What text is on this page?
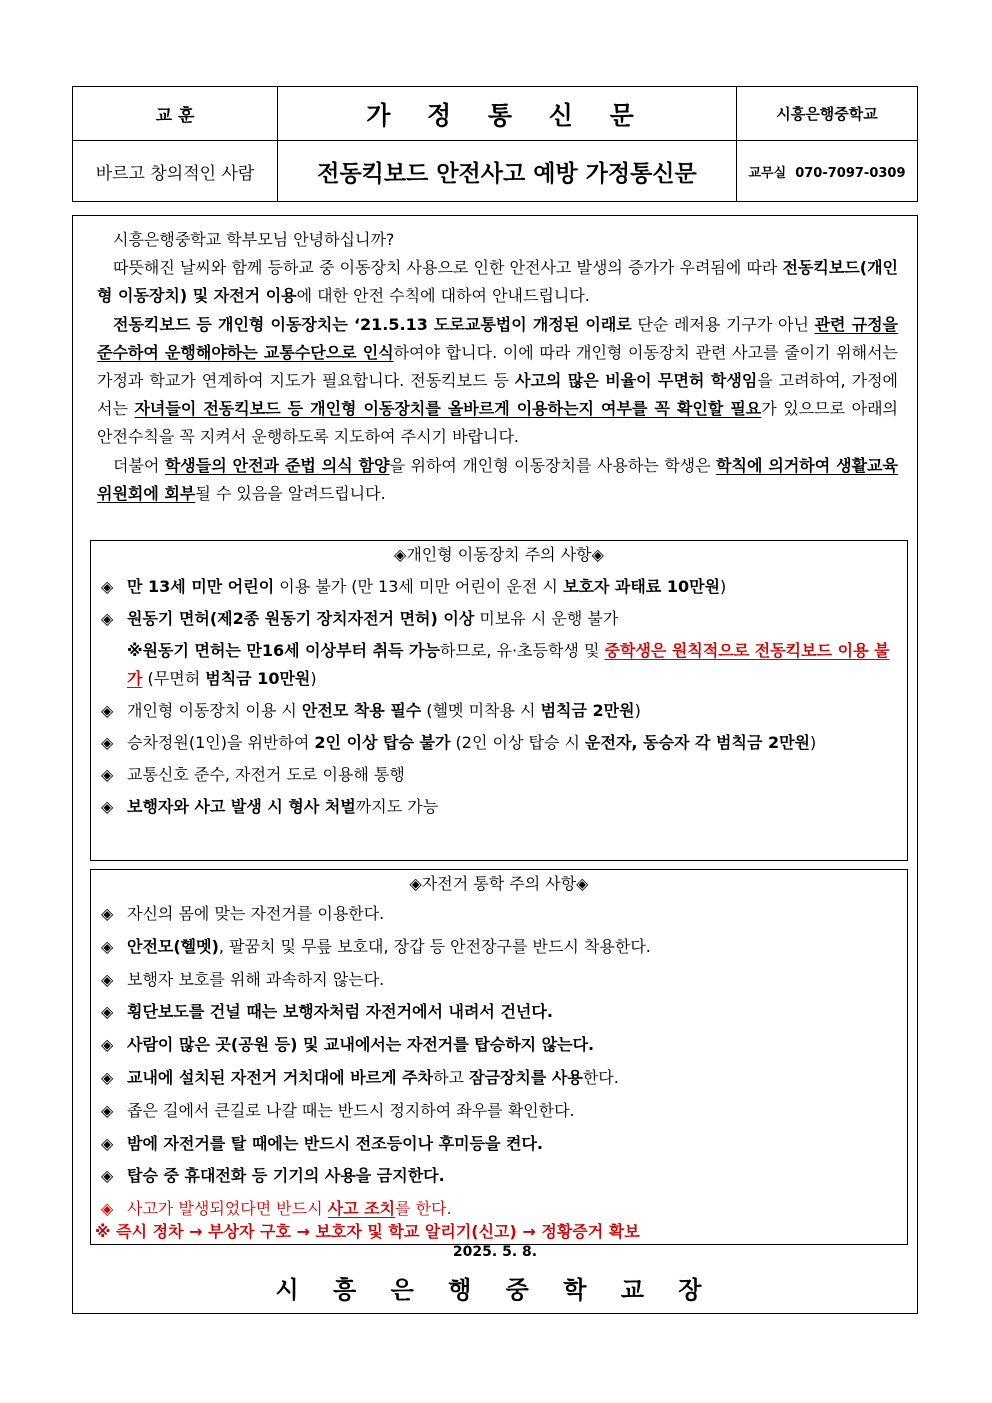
교 훈	가 정 통 신 문	시흥은행중학교
바르고 창의적인 사람	전동킥보드 안전사고 예방 가정통신문	교무실 070-7097-0309

시흥은행중학교 학부모님 안녕하십니까?

따뜻해진 날씨와 함께 등하교 중 이동장치 사용으로 인한 안전사고 발생의 증가가 우려됨에 따라 전동킥보드(개인형 이동장치) 및 자전거 이용에 대한 안전 수칙에 대하여 안내드립니다.

전동킥보드 등 개인형 이동장치는 ‘21.5.13 도로교통법이 개정된 이래로 단순 레저용 기구가 아닌 관련 규정을 준수하여 운행해야하는 교통수단으로 인식하여야 합니다. 이에 따라 개인형 이동장치 관련 사고를 줄이기 위해서는 가정과 학교가 연계하여 지도가 필요합니다. 전동킥보드 등 사고의 많은 비율이 무면허 학생임을 고려하여, 가정에서는 자녀들이 전동킥보드 등 개인형 이동장치를 올바르게 이용하는지 여부를 꼭 확인할 필요가 있으므로 아래의 안전수칙을 꼭 지켜서 운행하도록 지도하여 주시기 바랍니다.

더불어 학생들의 안전과 준법 의식 함양을 위하여 개인형 이동장치를 사용하는 학생은 학칙에 의거하여 생활교육 위원회에 회부될 수 있음을 알려드립니다.

◈개인형 이동장치 주의 사항◈
◈ 만 13세 미만 어린이 이용 불가 (만 13세 미만 어린이 운전 시 보호자 과태료 10만원)
◈ 원동기 면허(제2종 원동기 장치자전거 면허) 이상 미보유 시 운행 불가
※원동기 면허는 만16세 이상부터 취득 가능하므로, 유·초등학생 및 중학생은 원칙적으로 전동킥보드 이용 불가 (무면허 범칙금 10만원)
◈ 개인형 이동장치 이용 시 안전모 착용 필수 (헬멧 미착용 시 범칙금 2만원)
◈ 승차정원(1인)을 위반하여 2인 이상 탑승 불가 (2인 이상 탑승 시 운전자, 동승자 각 범칙금 2만원)
◈ 교통신호 준수, 자전거 도로 이용해 통행
◈ 보행자와 사고 발생 시 형사 처벌까지도 가능
◈자전거 통학 주의 사항◈
◈ 자신의 몸에 맞는 자전거를 이용한다.
◈ 안전모(헬멧), 팔꿈치 및 무릎 보호대, 장갑 등 안전장구를 반드시 착용한다.
◈ 보행자 보호를 위해 과속하지 않는다.
◈ 횡단보도를 건널 때는 보행자처럼 자전거에서 내려서 건넌다.
◈ 사람이 많은 곳(공원 등) 및 교내에서는 자전거를 탑승하지 않는다.
◈ 교내에 설치된 자전거 거치대에 바르게 주차하고 잠금장치를 사용한다.
◈ 좁은 길에서 큰길로 나갈 때는 반드시 정지하여 좌우를 확인한다.
◈ 밤에 자전거를 탈 때에는 반드시 전조등이나 후미등을 켠다.
◈ 탑승 중 휴대전화 등 기기의 사용을 금지한다.
◈ 사고가 발생되었다면 반드시 사고 조치를 한다.
※ 즉시 정차 → 부상자 구호 → 보호자 및 학교 알리기(신고) → 정황증거 확보
2025. 5. 8.
시 흥 은 행 중 학 교 장
